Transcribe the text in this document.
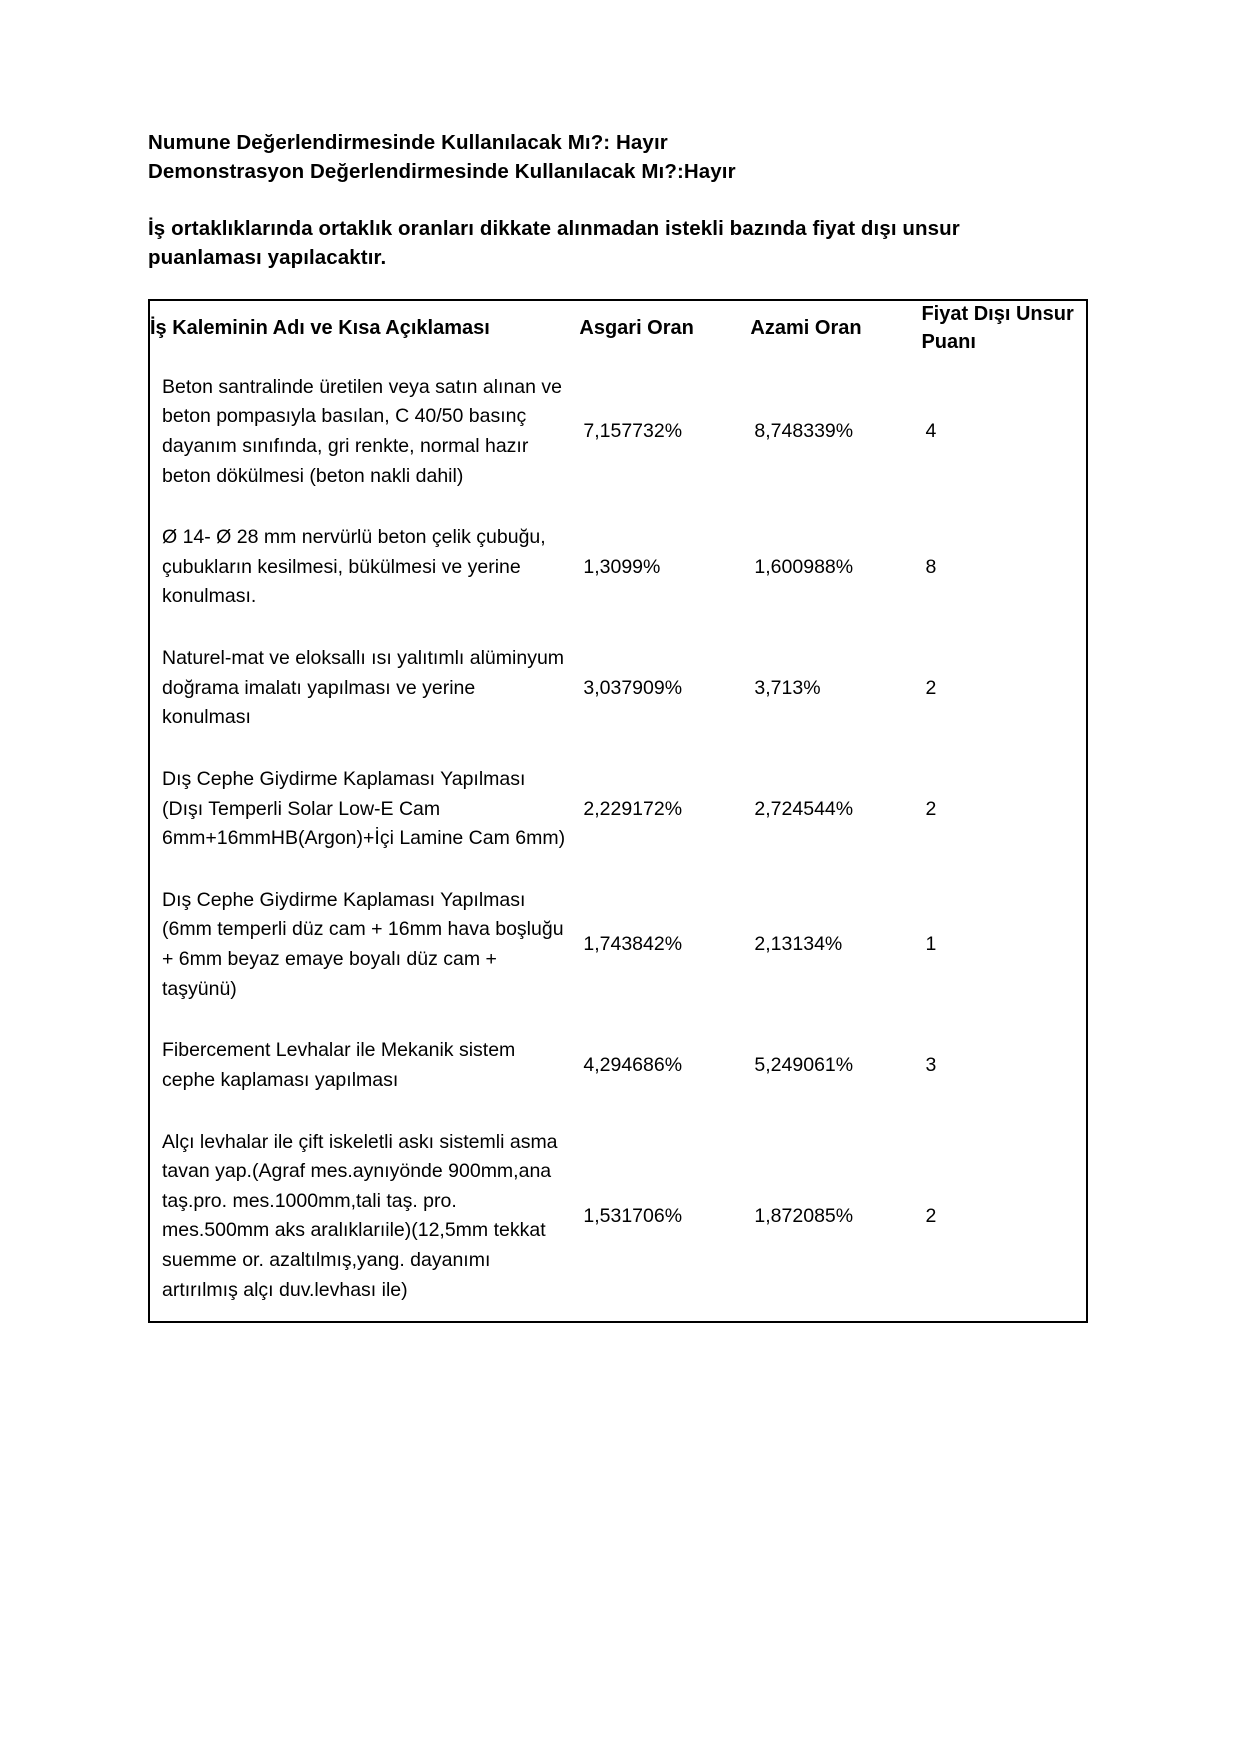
Numune Değerlendirmesinde Kullanılacak Mı?: Hayır
Demonstrasyon Değerlendirmesinde Kullanılacak Mı?:Hayır
İş ortaklıklarında ortaklık oranları dikkate alınmadan istekli bazında fiyat dışı unsur puanlaması yapılacaktır.
İş Kaleminin Adı ve Kısa Açıklaması	Asgari Oran	Azami Oran	Fiyat Dışı Unsur Puanı
Beton santralinde üretilen veya satın alınan ve beton pompasıyla basılan, C 40/50 basınç dayanım sınıfında, gri renkte, normal hazır beton dökülmesi (beton nakli dahil)	7,157732%	8,748339%	4
Ø 14- Ø 28 mm nervürlü beton çelik çubuğu, çubukların kesilmesi, bükülmesi ve yerine konulması.	1,3099%	1,600988%	8
Naturel-mat ve eloksallı ısı yalıtımlı alüminyum doğrama imalatı yapılması ve yerine konulması	3,037909%	3,713%	2
Dış Cephe Giydirme Kaplaması Yapılması (Dışı Temperli Solar Low-E Cam 6mm+16mmHB(Argon)+İçi Lamine Cam 6mm)	2,229172%	2,724544%	2
Dış Cephe Giydirme Kaplaması Yapılması (6mm temperli düz cam + 16mm hava boşluğu + 6mm beyaz emaye boyalı düz cam + taşyünü)	1,743842%	2,13134%	1
Fibercement Levhalar ile Mekanik sistem cephe kaplaması yapılması	4,294686%	5,249061%	3
Alçı levhalar ile çift iskeletli askı sistemli asma tavan yap.(Agraf mes.aynıyönde 900mm,ana taş.pro. mes.1000mm,tali taş. pro. mes.500mm aks aralıklarıile)(12,5mm tekkat suemme or. azaltılmış,yang. dayanımı artırılmış alçı duv.levhası ile)	1,531706%	1,872085%	2
